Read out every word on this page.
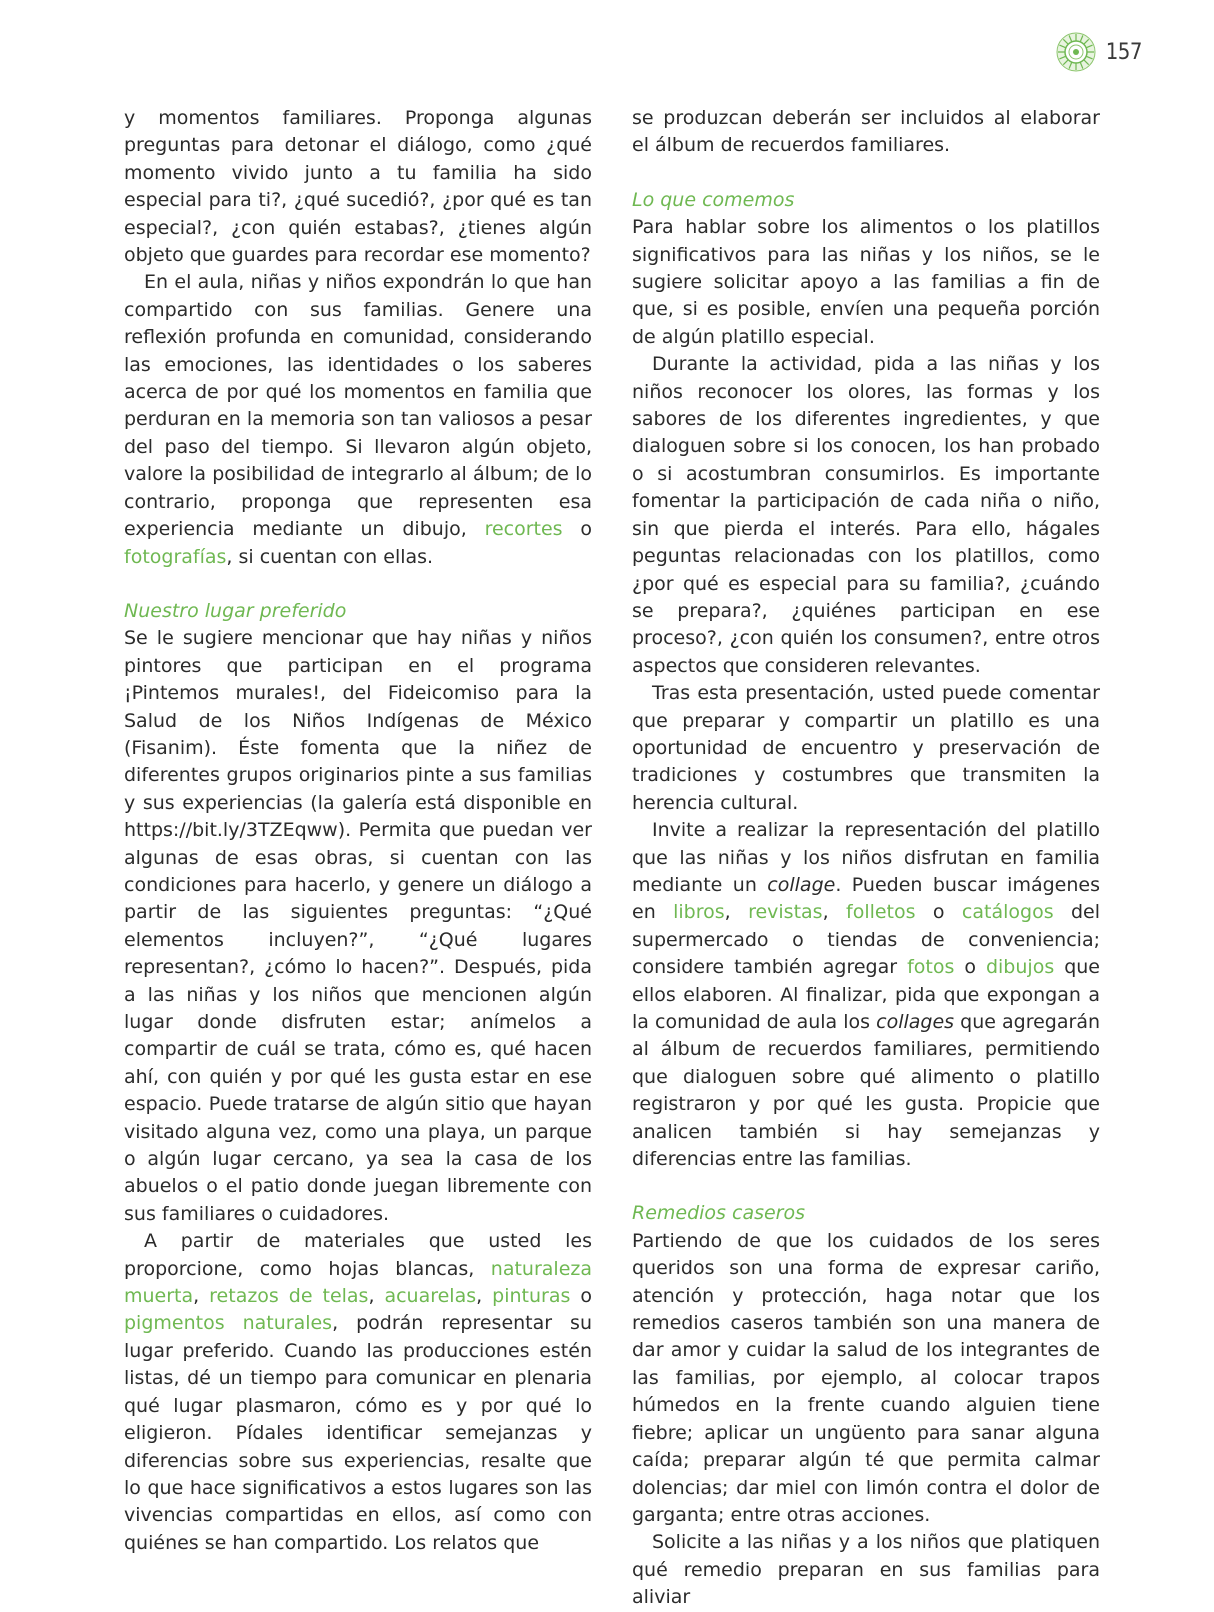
157

y momentos familiares. Proponga algunas preguntas para detonar el diálogo, como ¿qué momento vivido junto a tu familia ha sido especial para ti?, ¿qué sucedió?, ¿por qué es tan especial?, ¿con quién estabas?, ¿tienes algún objeto que guardes para recordar ese momento?

En el aula, niñas y niños expondrán lo que han compartido con sus familias. Genere una reflexión profunda en comunidad, considerando las emociones, las identidades o los saberes acerca de por qué los momentos en familia que perduran en la memoria son tan valiosos a pesar del paso del tiempo. Si llevaron algún objeto, valore la posibilidad de integrarlo al álbum; de lo contrario, proponga que representen esa experiencia mediante un dibujo, recortes o fotografías, si cuentan con ellas.

Nuestro lugar preferido

Se le sugiere mencionar que hay niñas y niños pintores que participan en el programa ¡Pintemos murales!, del Fideicomiso para la Salud de los Niños Indígenas de México (Fisanim). Éste fomenta que la niñez de diferentes grupos originarios pinte a sus familias y sus experiencias (la galería está disponible en https://bit.ly/3TZEqww). Permita que puedan ver algunas de esas obras, si cuentan con las condiciones para hacerlo, y genere un diálogo a partir de las siguientes preguntas: “¿Qué elementos incluyen?”, “¿Qué lugares representan?, ¿cómo lo hacen?”. Después, pida a las niñas y los niños que mencionen algún lugar donde disfruten estar; anímelos a compartir de cuál se trata, cómo es, qué hacen ahí, con quién y por qué les gusta estar en ese espacio. Puede tratarse de algún sitio que hayan visitado alguna vez, como una playa, un parque o algún lugar cercano, ya sea la casa de los abuelos o el patio donde juegan libremente con sus familiares o cuidadores.

A partir de materiales que usted les proporcione, como hojas blancas, naturaleza muerta, retazos de telas, acuarelas, pinturas o pigmentos naturales, podrán representar su lugar preferido. Cuando las producciones estén listas, dé un tiempo para comunicar en plenaria qué lugar plasmaron, cómo es y por qué lo eligieron. Pídales identificar semejanzas y diferencias sobre sus experiencias, resalte que lo que hace significativos a estos lugares son las vivencias compartidas en ellos, así como con quiénes se han compartido. Los relatos que

se produzcan deberán ser incluidos al elaborar el álbum de recuerdos familiares.

Lo que comemos

Para hablar sobre los alimentos o los platillos significativos para las niñas y los niños, se le sugiere solicitar apoyo a las familias a fin de que, si es posible, envíen una pequeña porción de algún platillo especial.

Durante la actividad, pida a las niñas y los niños reconocer los olores, las formas y los sabores de los diferentes ingredientes, y que dialoguen sobre si los conocen, los han probado o si acostumbran consumirlos. Es importante fomentar la participación de cada niña o niño, sin que pierda el interés. Para ello, hágales peguntas relacionadas con los platillos, como ¿por qué es especial para su familia?, ¿cuándo se prepara?, ¿quiénes participan en ese proceso?, ¿con quién los consumen?, entre otros aspectos que consideren relevantes.

Tras esta presentación, usted puede comentar que preparar y compartir un platillo es una oportunidad de encuentro y preservación de tradiciones y costumbres que transmiten la herencia cultural.

Invite a realizar la representación del platillo que las niñas y los niños disfrutan en familia mediante un collage. Pueden buscar imágenes en libros, revistas, folletos o catálogos del supermercado o tiendas de conveniencia; considere también agregar fotos o dibujos que ellos elaboren. Al finalizar, pida que expongan a la comunidad de aula los collages que agregarán al álbum de recuerdos familiares, permitiendo que dialoguen sobre qué alimento o platillo registraron y por qué les gusta. Propicie que analicen también si hay semejanzas y diferencias entre las familias.

Remedios caseros

Partiendo de que los cuidados de los seres queridos son una forma de expresar cariño, atención y protección, haga notar que los remedios caseros también son una manera de dar amor y cuidar la salud de los integrantes de las familias, por ejemplo, al colocar trapos húmedos en la frente cuando alguien tiene fiebre; aplicar un ungüento para sanar alguna caída; preparar algún té que permita calmar dolencias; dar miel con limón contra el dolor de garganta; entre otras acciones.

Solicite a las niñas y a los niños que platiquen qué remedio preparan en sus familias para aliviar
